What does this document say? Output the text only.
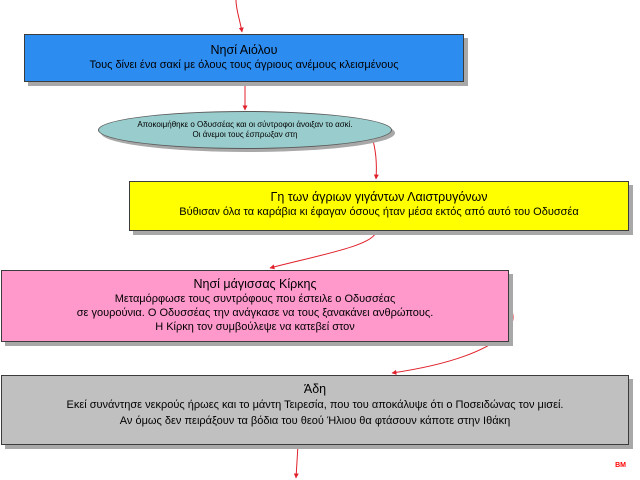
Νησί Αιόλου
Τους δίνει ένα σακί με όλους τους άγριους ανέμους κλεισμένους
Αποκοιμήθηκε ο Οδυσσέας και οι σύντροφοι άνοιξαν το ασκί.
Οι άνεμοι τους έσπρωξαν στη
Γη των άγριων γιγάντων Λαιστρυγόνων
Βύθισαν όλα τα καράβια κι έφαγαν όσους ήταν μέσα εκτός από αυτό του Οδυσσέα
Νησί μάγισσας Κίρκης
Μεταμόρφωσε τους συντρόφους που έστειλε ο Οδυσσέας
σε γουρούνια. Ο Οδυσσέας την ανάγκασε να τους ξανακάνει ανθρώπους.
Η Κίρκη τον συμβούλεψε να κατεβεί στον
Άδη
Εκεί συνάντησε νεκρούς ήρωες και το μάντη Τειρεσία, που του αποκάλυψε ότι ο Ποσειδώνας τον μισεί.
Αν όμως δεν πειράξουν τα βόδια του θεού Ήλιου θα φτάσουν κάποτε στην Ιθάκη
ΒΜ
